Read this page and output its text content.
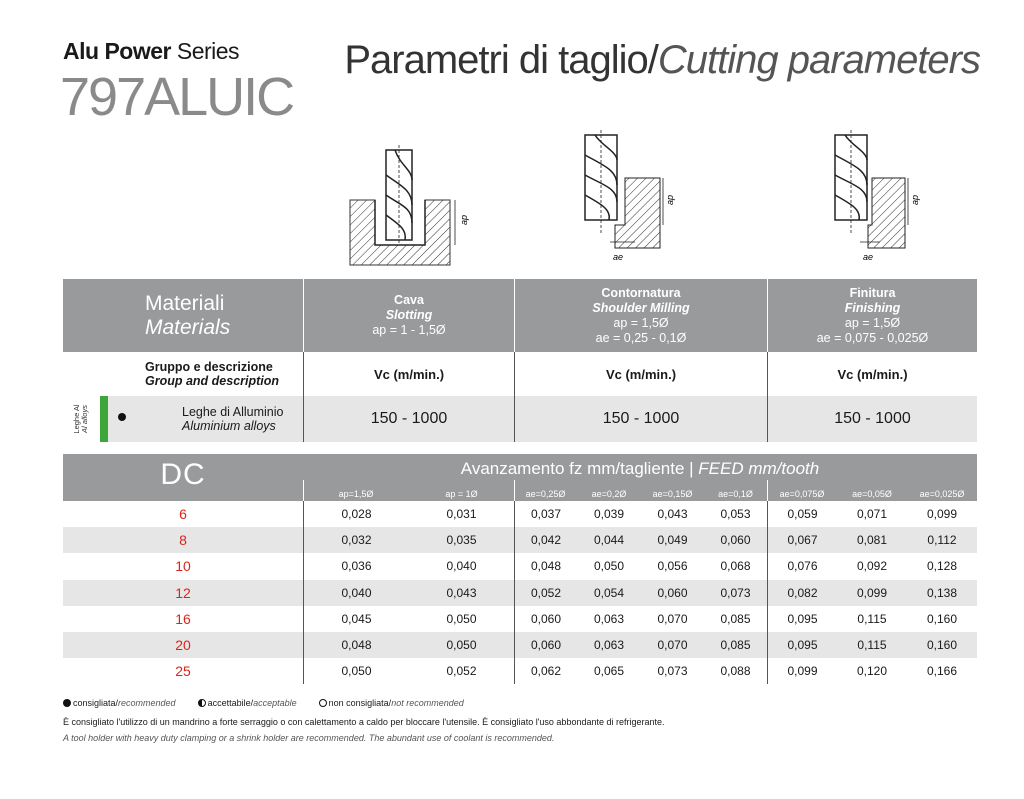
Alu Power Series
797ALUIC
Parametri di taglio/Cutting parameters
ap
ap
ae
ap
ae
Materiali
Materials
Cava
Slotting
ap = 1 - 1,5Ø
Contornatura
Shoulder Milling
ap = 1,5Ø
ae = 0,25 - 0,1Ø
Finitura
Finishing
ap = 1,5Ø
ae = 0,075 - 0,025Ø
Gruppo e descrizione
Group and description	Vc (m/min.)	Vc (m/min.)	Vc (m/min.)
Leghe Al Al alloys	Leghe di Alluminio
Aluminium alloys	150 - 1000	150 - 1000	150 - 1000
DC	Avanzamento fz mm/tagliente | FEED mm/tooth
ap=1,5Ø	ap = 1Ø	ae=0,25Ø	ae=0,2Ø	ae=0,15Ø	ae=0,1Ø	ae=0,075Ø	ae=0,05Ø	ae=0,025Ø
6	0,028	0,031	0,037	0,039	0,043	0,053	0,059	0,071	0,099
8	0,032	0,035	0,042	0,044	0,049	0,060	0,067	0,081	0,112
10	0,036	0,040	0,048	0,050	0,056	0,068	0,076	0,092	0,128
12	0,040	0,043	0,052	0,054	0,060	0,073	0,082	0,099	0,138
16	0,045	0,050	0,060	0,063	0,070	0,085	0,095	0,115	0,160
20	0,048	0,050	0,060	0,063	0,070	0,085	0,095	0,115	0,160
25	0,050	0,052	0,062	0,065	0,073	0,088	0,099	0,120	0,166
consigliata/recommended	accettabile/acceptable	non consigliata/not recommended
È consigliato l'utilizzo di un mandrino a forte serraggio o con calettamento a caldo per bloccare l'utensile. È consigliato l'uso abbondante di refrigerante.
A tool holder with heavy duty clamping or a shrink holder are recommended. The abundant use of coolant is recommended.
